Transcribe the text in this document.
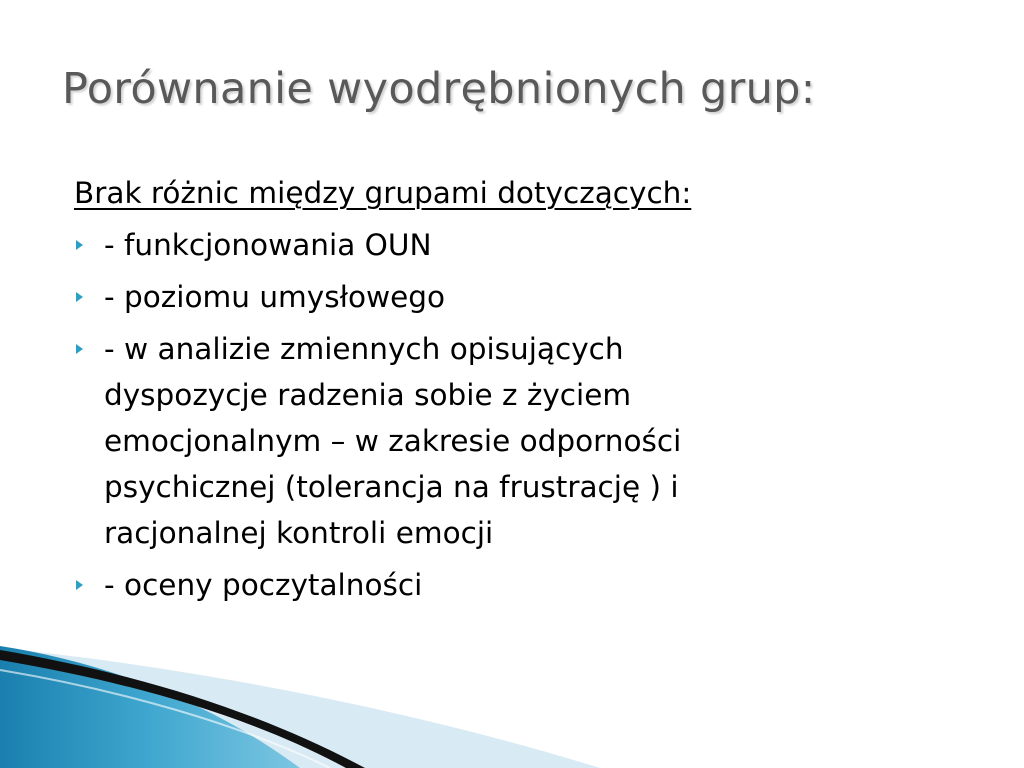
Porównanie wyodrębnionych grup:
Brak różnic między grupami dotyczących:
- funkcjonowania OUN
- poziomu umysłowego
- w analizie zmiennych opisujących
dyspozycje radzenia sobie z życiem
emocjonalnym – w zakresie odporności
psychicznej (tolerancja na frustrację ) i
racjonalnej kontroli emocji
- oceny poczytalności
